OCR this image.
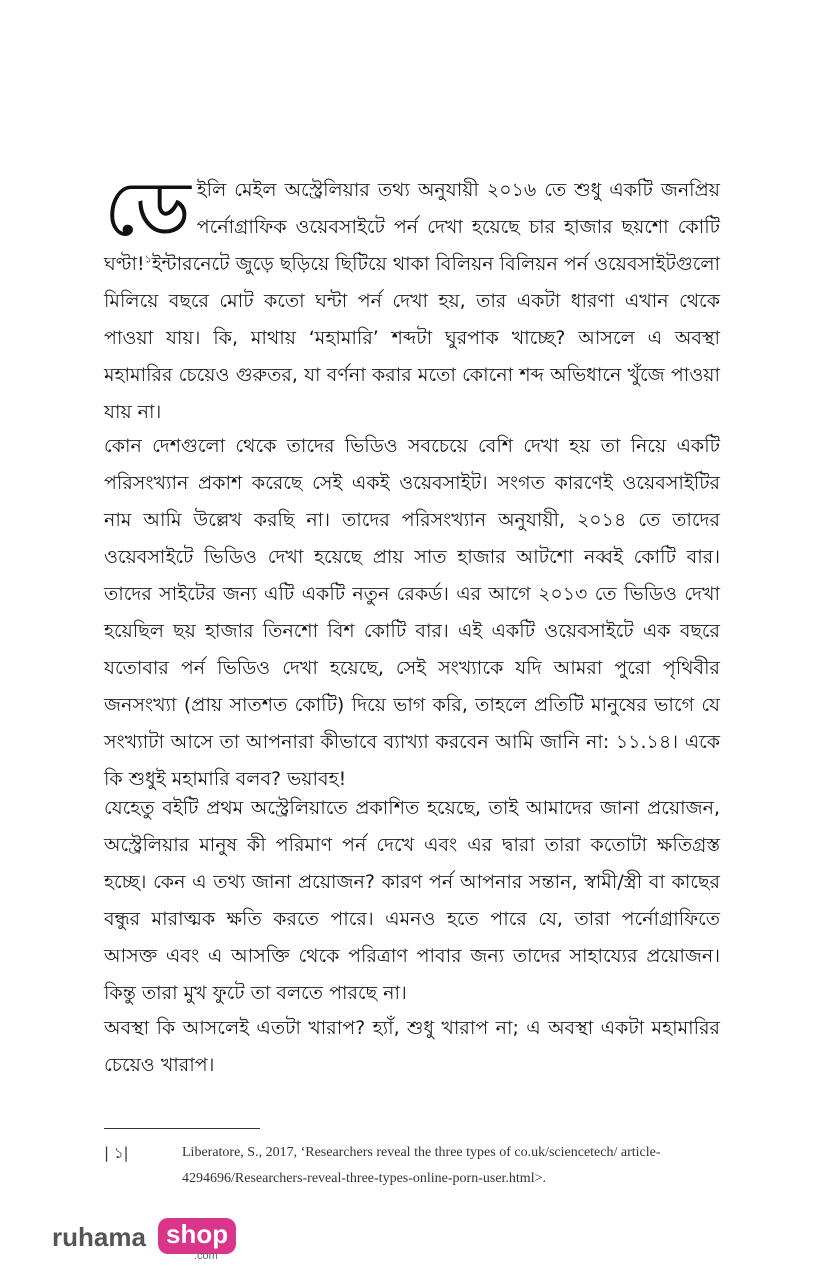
ডেইলি মেইল অস্ট্রেলিয়ার তথ্য অনুযায়ী ২০১৬ তে শুধু একটি জনপ্রিয় পর্নোগ্রাফিক ওয়েবসাইটে পর্ন দেখা হয়েছে চার হাজার ছয়শো কোটি ঘণ্টা!$^১$ইন্টারনেটে জুড়ে ছড়িয়ে ছিটিয়ে থাকা বিলিয়ন বিলিয়ন পর্ন ওয়েবসাইটগুলো মিলিয়ে বছরে মোট কতো ঘন্টা পর্ন দেখা হয়, তার একটা ধারণা এখান থেকে পাওয়া যায়। কি, মাথায় ‘মহামারি’ শব্দটা ঘুরপাক খাচ্ছে? আসলে এ অবস্থা মহামারির চেয়েও গুরুতর, যা বর্ণনা করার মতো কোনো শব্দ অভিধানে খুঁজে পাওয়া যায় না।

কোন দেশগুলো থেকে তাদের ভিডিও সবচেয়ে বেশি দেখা হয় তা নিয়ে একটি পরিসংখ্যান প্রকাশ করেছে সেই একই ওয়েবসাইট। সংগত কারণেই ওয়েবসাইটির নাম আমি উল্লেখ করছি না। তাদের পরিসংখ্যান অনুযায়ী, ২০১৪ তে তাদের ওয়েবসাইটে ভিডিও দেখা হয়েছে প্রায় সাত হাজার আটশো নব্বই কোটি বার। তাদের সাইটের জন্য এটি একটি নতুন রেকর্ড। এর আগে ২০১৩ তে ভিডিও দেখা হয়েছিল ছয় হাজার তিনশো বিশ কোটি বার। এই একটি ওয়েবসাইটে এক বছরে যতোবার পর্ন ভিডিও দেখা হয়েছে, সেই সংখ্যাকে যদি আমরা পুরো পৃথিবীর জনসংখ্যা (প্রায় সাতশত কোটি) দিয়ে ভাগ করি, তাহলে প্রতিটি মানুষের ভাগে যে সংখ্যাটা আসে তা আপনারা কীভাবে ব্যাখ্যা করবেন আমি জানি না: ১১.১৪। একে কি শুধুই মহামারি বলব? ভয়াবহ!

যেহেতু বইটি প্রথম অস্ট্রেলিয়াতে প্রকাশিত হয়েছে, তাই আমাদের জানা প্রয়োজন, অস্ট্রেলিয়ার মানুষ কী পরিমাণ পর্ন দেখে এবং এর দ্বারা তারা কতোটা ক্ষতিগ্রস্ত হচ্ছে। কেন এ তথ্য জানা প্রয়োজন? কারণ পর্ন আপনার সন্তান, স্বামী/স্ত্রী বা কাছের বন্ধুর মারাত্মক ক্ষতি করতে পারে। এমনও হতে পারে যে, তারা পর্নোগ্রাফিতে আসক্ত এবং এ আসক্তি থেকে পরিত্রাণ পাবার জন্য তাদের সাহায্যের প্রয়োজন। কিন্তু তারা মুখ ফুটে তা বলতে পারছে না।

অবস্থা কি আসলেই এতটা খারাপ? হ্যাঁ, শুধু খারাপ না; এ অবস্থা একটা মহামারির চেয়েও খারাপ।

| ১|	Liberatore, S., 2017, ‘Researchers reveal the three types of co.uk/sciencetech/ article-4294696/Researchers-reveal-three-types-online-porn-user.html>.
ruhama shop
.com
